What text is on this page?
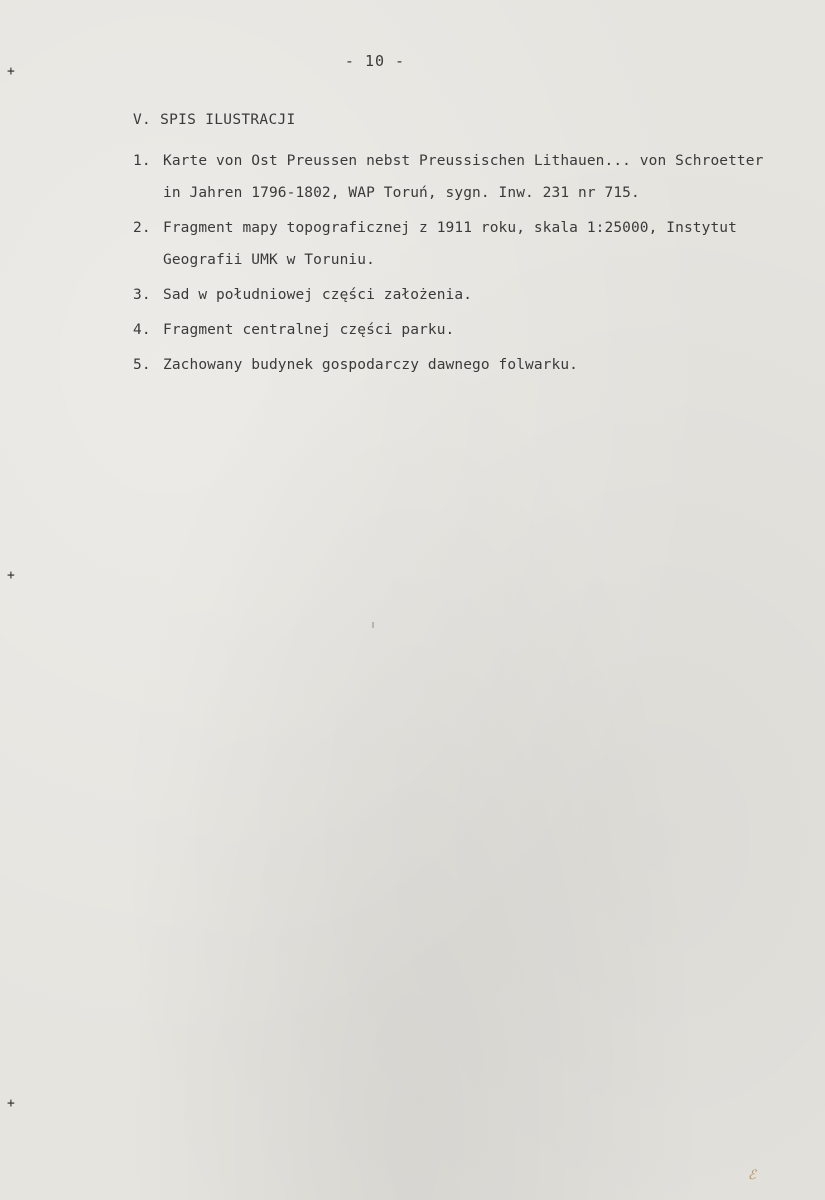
+
+
+
- 10 -
V. SPIS ILUSTRACJI
1. Karte von Ost Preussen nebst Preussischen Lithauen... von Schroetter in Jahren 1796-1802, WAP Toruń, sygn. Inw. 231 nr 715.
2. Fragment mapy topograficznej z 1911 roku, skala 1:25000, Instytut Geografii UMK w Toruniu.
3. Sad w południowej części założenia.
4. Fragment centralnej części parku.
5. Zachowany budynek gospodarczy dawnego folwarku.
ℰ
